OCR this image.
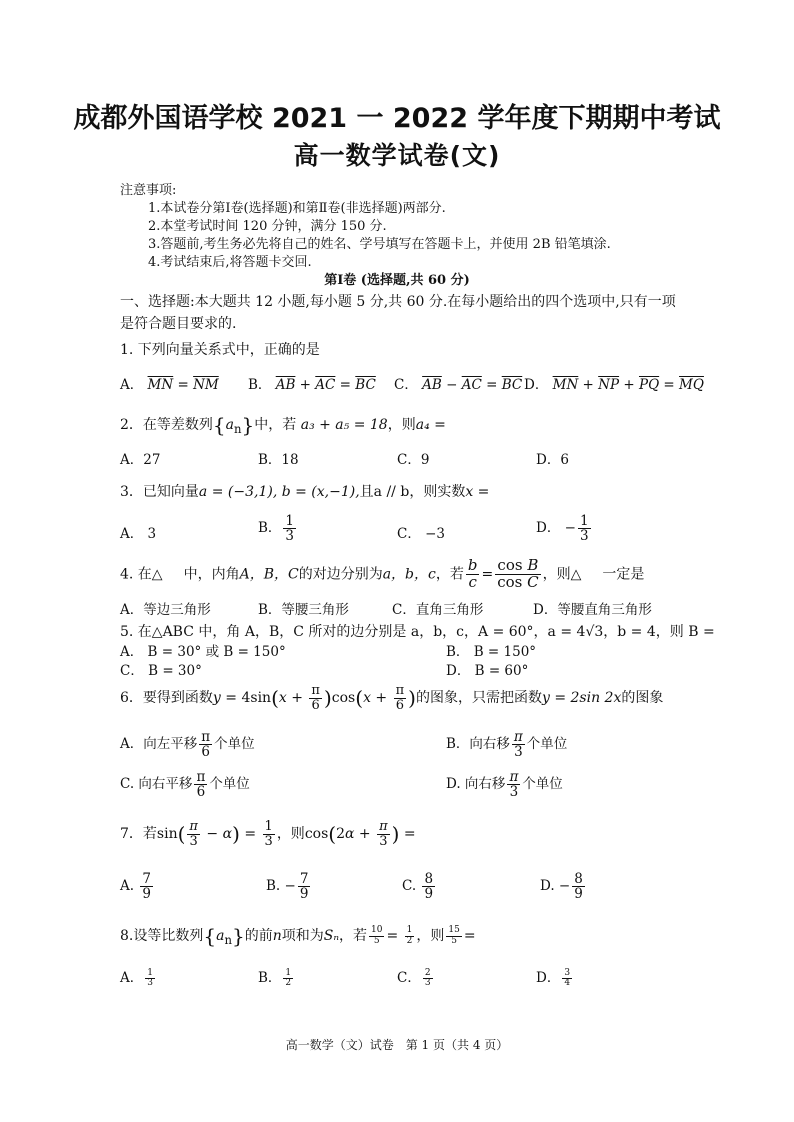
成都外国语学校 2021 一 2022 学年度下期期中考试
高一数学试卷(文)
注意事项:
1.本试卷分第Ⅰ卷(选择题)和第Ⅱ卷(非选择题)两部分.
2.本堂考试时间 120 分钟，满分 150 分.
3.答题前,考生务必先将自己的姓名、学号填写在答题卡上，并使用 2B 铅笔填涂.
4.考试结束后,将答题卡交回.
第Ⅰ卷 (选择题,共 60 分)
一、选择题:本大题共 12 小题,每小题 5 分,共 60 分.在每小题给出的四个选项中,只有一项
是符合题目要求的.
1. 下列向量关系式中，正确的是
A． $\overline{MN} = \overline{NM}$ B． $\overline{AB} + \overline{AC} = \overline{BC}$ C． $\overline{AB} - \overline{AC} = \overline{BC}$ D． $\overline{MN} + \overline{NP} + \overline{PQ} = \overline{MQ}$
2．在等差数列$\{a_n\}$中，若 a₃ + a₅ = 18，则a₄ =
A．27	B．18	C．9	D．6
3．已知向量a = (−3,1), b = (x,−1),且a // b，则实数x =
A． 3	B． $\frac{1}{3}$	C． −3	D． − $\frac{1}{3}$
4. 在△   中，内角A，B，C的对边分别为a，b，c，若 $\frac{b}{c} = \frac{\text{cos B}}{\text{cos C}}$ ，则△   一定是
A．等边三角形	B．等腰三角形	C．直角三角形	D．等腰直角三角形
5. 在△ABC 中，角 A，B，C 所对的边分别是 a，b，c，A = 60°，a = 4√3，b = 4，则 B =
A． B = 30° 或 B = 150°	B． B = 150°
C． B = 30°	D． B = 60°
6．要得到函数$y = 4\sin(x + \frac{\pi}{6} )\cos(x + \frac{\pi}{6}$ )的图象，只需把函数y = 2sin 2x的图象
A．向左平移 $\frac{\pi}{6}$ 个单位	B．向右移 $\frac{\pi}{3}$ 个单位
C. 向右平移 $\frac{\pi}{6}$ 个单位	D. 向右移 $\frac{\pi}{3}$ 个单位
7．若$\sin( \frac{\pi}{3} - \alpha) = \frac{1}{3}$ ，则$\cos(2\alpha + \frac{\pi}{3}$ ) =
A. $\frac{7}{9}$	B. − $\frac{7}{9}$	C. $\frac{8}{9}$	D. − $\frac{8}{9}$
8.设等比数列$\{a_n\}$的前n项和为Sₙ，若 $\frac{10}{5} = \frac{1}{2}$ ，则 $\frac{15}{5}$ =
A． $\frac{1}{3}$	B． $\frac{1}{2}$	C． $\frac{2}{3}$	D． $\frac{3}{4}$
高一数学（文）试卷　第 1 页（共 4 页）
